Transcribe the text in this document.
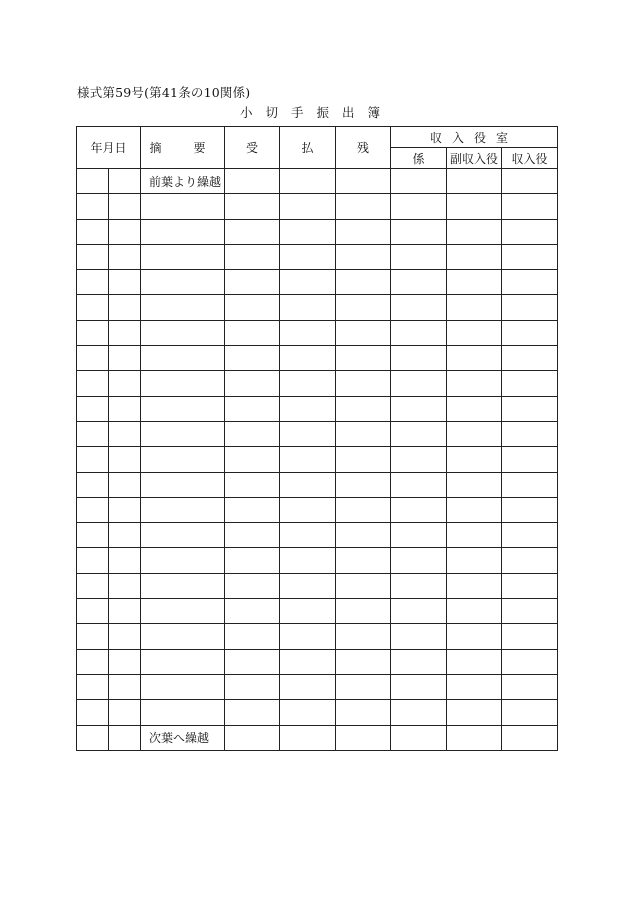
様式第59号(第41条の10関係)
小切手振出簿
年月日		摘　要	受	払	残	収入役室		
						係	副収入役	収入役
		前葉より繰越						

		次葉へ繰越						
